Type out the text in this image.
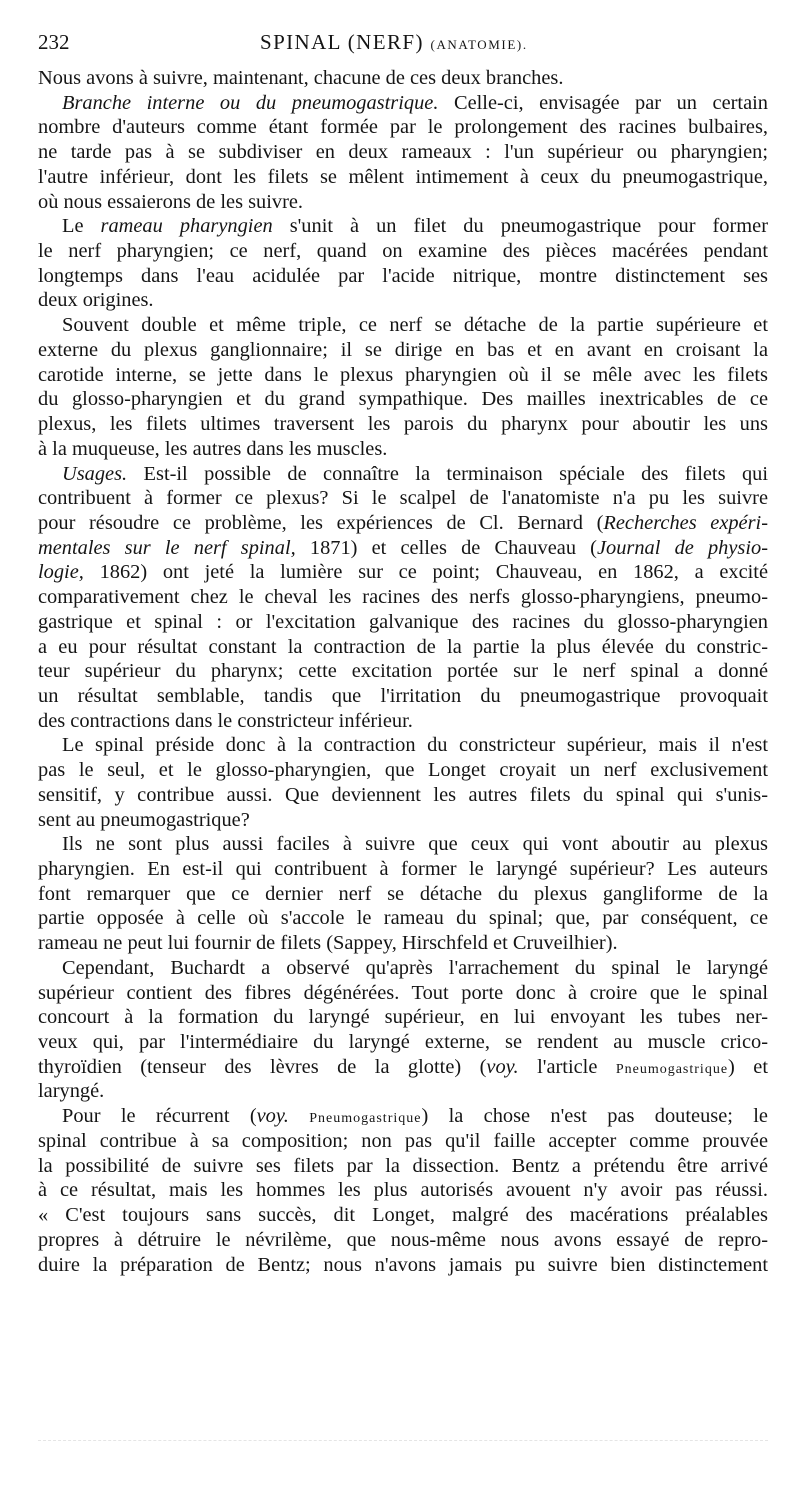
232	SPINAL (NERF) (ANATOMIE).
Nous avons à suivre, maintenant, chacune de ces deux branches.
Branche interne ou du pneumogastrique. Celle-ci, envisagée par un certain
nombre d'auteurs comme étant formée par le prolongement des racines bulbaires,
ne tarde pas à se subdiviser en deux rameaux : l'un supérieur ou pharyngien;
l'autre inférieur, dont les filets se mêlent intimement à ceux du pneumogastrique,
où nous essaierons de les suivre.
Le rameau pharyngien s'unit à un filet du pneumogastrique pour former
le nerf pharyngien; ce nerf, quand on examine des pièces macérées pendant
longtemps dans l'eau acidulée par l'acide nitrique, montre distinctement ses
deux origines.
Souvent double et même triple, ce nerf se détache de la partie supérieure et
externe du plexus ganglionnaire; il se dirige en bas et en avant en croisant la
carotide interne, se jette dans le plexus pharyngien où il se mêle avec les filets
du glosso-pharyngien et du grand sympathique. Des mailles inextricables de ce
plexus, les filets ultimes traversent les parois du pharynx pour aboutir les uns
à la muqueuse, les autres dans les muscles.
Usages. Est-il possible de connaître la terminaison spéciale des filets qui
contribuent à former ce plexus? Si le scalpel de l'anatomiste n'a pu les suivre
pour résoudre ce problème, les expériences de Cl. Bernard (Recherches expéri-
mentales sur le nerf spinal, 1871) et celles de Chauveau (Journal de physio-
logie, 1862) ont jeté la lumière sur ce point; Chauveau, en 1862, a excité
comparativement chez le cheval les racines des nerfs glosso-pharyngiens, pneumo-
gastrique et spinal : or l'excitation galvanique des racines du glosso-pharyngien
a eu pour résultat constant la contraction de la partie la plus élevée du constric-
teur supérieur du pharynx; cette excitation portée sur le nerf spinal a donné
un résultat semblable, tandis que l'irritation du pneumogastrique provoquait
des contractions dans le constricteur inférieur.
Le spinal préside donc à la contraction du constricteur supérieur, mais il n'est
pas le seul, et le glosso-pharyngien, que Longet croyait un nerf exclusivement
sensitif, y contribue aussi. Que deviennent les autres filets du spinal qui s'unis-
sent au pneumogastrique?
Ils ne sont plus aussi faciles à suivre que ceux qui vont aboutir au plexus
pharyngien. En est-il qui contribuent à former le laryngé supérieur? Les auteurs
font remarquer que ce dernier nerf se détache du plexus gangliforme de la
partie opposée à celle où s'accole le rameau du spinal; que, par conséquent, ce
rameau ne peut lui fournir de filets (Sappey, Hirschfeld et Cruveilhier).
Cependant, Buchardt a observé qu'après l'arrachement du spinal le laryngé
supérieur contient des fibres dégénérées. Tout porte donc à croire que le spinal
concourt à la formation du laryngé supérieur, en lui envoyant les tubes ner-
veux qui, par l'intermédiaire du laryngé externe, se rendent au muscle crico-
thyroïdien (tenseur des lèvres de la glotte) (voy. l'article Pneumogastrique) et
laryngé.
Pour le récurrent (voy. Pneumogastrique) la chose n'est pas douteuse; le
spinal contribue à sa composition; non pas qu'il faille accepter comme prouvée
la possibilité de suivre ses filets par la dissection. Bentz a prétendu être arrivé
à ce résultat, mais les hommes les plus autorisés avouent n'y avoir pas réussi.
« C'est toujours sans succès, dit Longet, malgré des macérations préalables
propres à détruire le névrilème, que nous-même nous avons essayé de repro-
duire la préparation de Bentz; nous n'avons jamais pu suivre bien distinctement
